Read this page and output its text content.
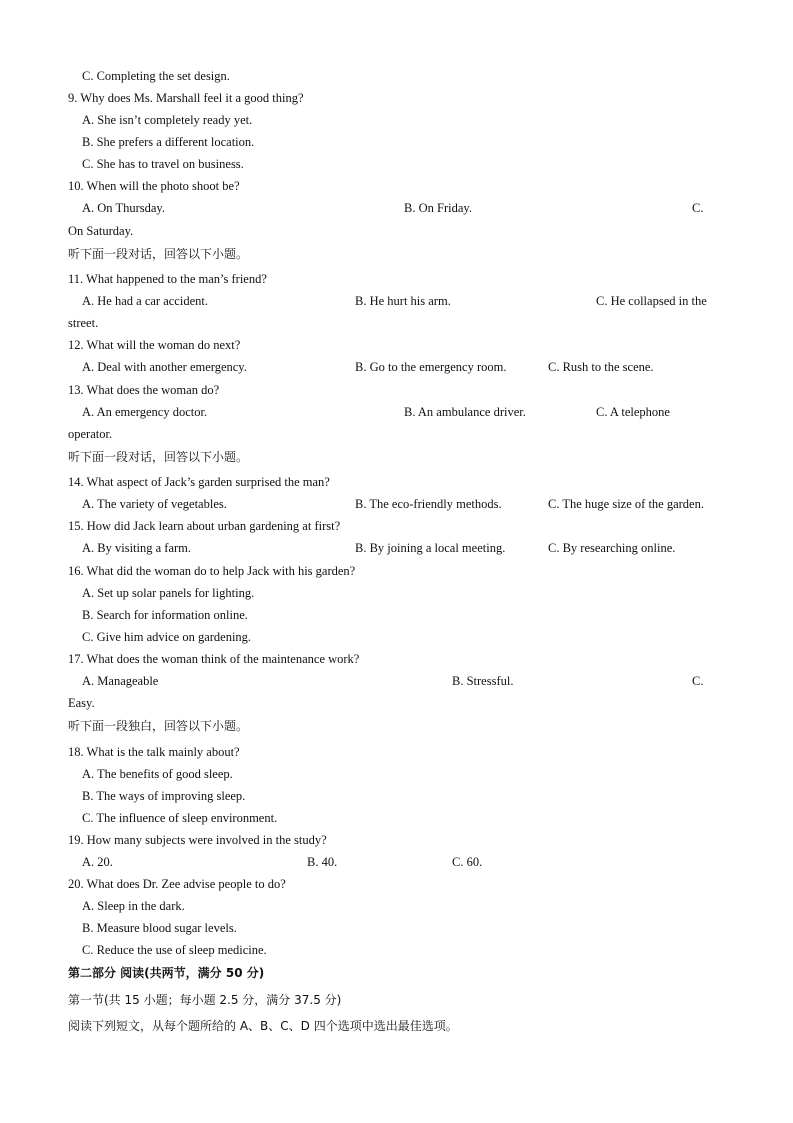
C. Completing the set design.
9. Why does Ms. Marshall feel it a good thing?
A. She isn’t completely ready yet.
B. She prefers a different location.
C. She has to travel on business.
10. When will the photo shoot be?
A. On Thursday.	B. On Friday.	C.
On Saturday.
听下面一段对话，回答以下小题。
11. What happened to the man’s friend?
A. He had a car accident.	B. He hurt his arm.	C. He collapsed in the
street.
12. What will the woman do next?
A. Deal with another emergency.	B. Go to the emergency room.	C. Rush to the scene.
13. What does the woman do?
A. An emergency doctor.	B. An ambulance driver.	C. A telephone
operator.
听下面一段对话，回答以下小题。
14. What aspect of Jack’s garden surprised the man?
A. The variety of vegetables.	B. The eco-friendly methods.	C. The huge size of the garden.
15. How did Jack learn about urban gardening at first?
A. By visiting a farm.	B. By joining a local meeting.	C. By researching online.
16. What did the woman do to help Jack with his garden?
A. Set up solar panels for lighting.
B. Search for information online.
C. Give him advice on gardening.
17. What does the woman think of the maintenance work?
A. Manageable	B. Stressful.	C.
Easy.
听下面一段独白，回答以下小题。
18. What is the talk mainly about?
A. The benefits of good sleep.
B. The ways of improving sleep.
C. The influence of sleep environment.
19. How many subjects were involved in the study?
A. 20.	B. 40.	C. 60.
20. What does Dr. Zee advise people to do?
A. Sleep in the dark.
B. Measure blood sugar levels.
C. Reduce the use of sleep medicine.
第二部分 阅读(共两节，满分 50 分)
第一节(共 15 小题；每小题 2.5 分，满分 37.5 分)
阅读下列短文，从每个题所给的 A、B、C、D 四个选项中选出最佳选项。
